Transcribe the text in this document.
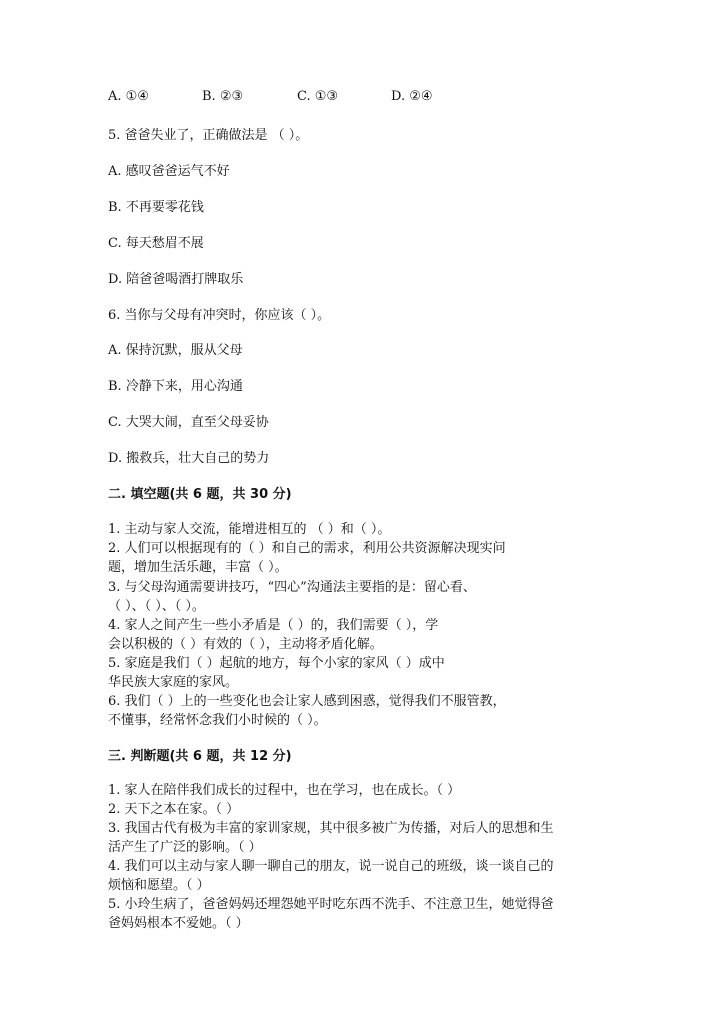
A. ①④	B. ②③	C. ①③	D. ②④
5. 爸爸失业了，正确做法是 （ ）。
A. 感叹爸爸运气不好
B. 不再要零花钱
C. 每天愁眉不展
D. 陪爸爸喝酒打牌取乐
6. 当你与父母有冲突时，你应该（ ）。
A. 保持沉默，服从父母
B. 冷静下来，用心沟通
C. 大哭大闹，直至父母妥协
D. 搬救兵，壮大自己的势力
二. 填空题(共 6 题，共 30 分)
1. 主动与家人交流，能增进相互的 （ ）和（ ）。
2. 人们可以根据现有的（ ）和自己的需求，利用公共资源解决现实问
题，增加生活乐趣，丰富（ ）。
3. 与父母沟通需要讲技巧，“四心”沟通法主要指的是：留心看、
（ ）、（ ）、（ ）。
4. 家人之间产生一些小矛盾是（ ）的，我们需要（ ），学
会以积极的（ ）有效的（ ），主动将矛盾化解。
5. 家庭是我们（ ）起航的地方，每个小家的家风（ ）成中
华民族大家庭的家风。
6. 我们（ ）上的一些变化也会让家人感到困惑，觉得我们不服管教，
不懂事，经常怀念我们小时候的（ ）。
三. 判断题(共 6 题，共 12 分)
1. 家人在陪伴我们成长的过程中，也在学习，也在成长。（ ）
2. 天下之本在家。（ ）
3. 我国古代有极为丰富的家训家规，其中很多被广为传播，对后人的思想和生
活产生了广泛的影响。（ ）
4. 我们可以主动与家人聊一聊自己的朋友，说一说自己的班级，谈一谈自己的
烦恼和愿望。（ ）
5. 小玲生病了，爸爸妈妈还埋怨她平时吃东西不洗手、不注意卫生，她觉得爸
爸妈妈根本不爱她。（ ）
